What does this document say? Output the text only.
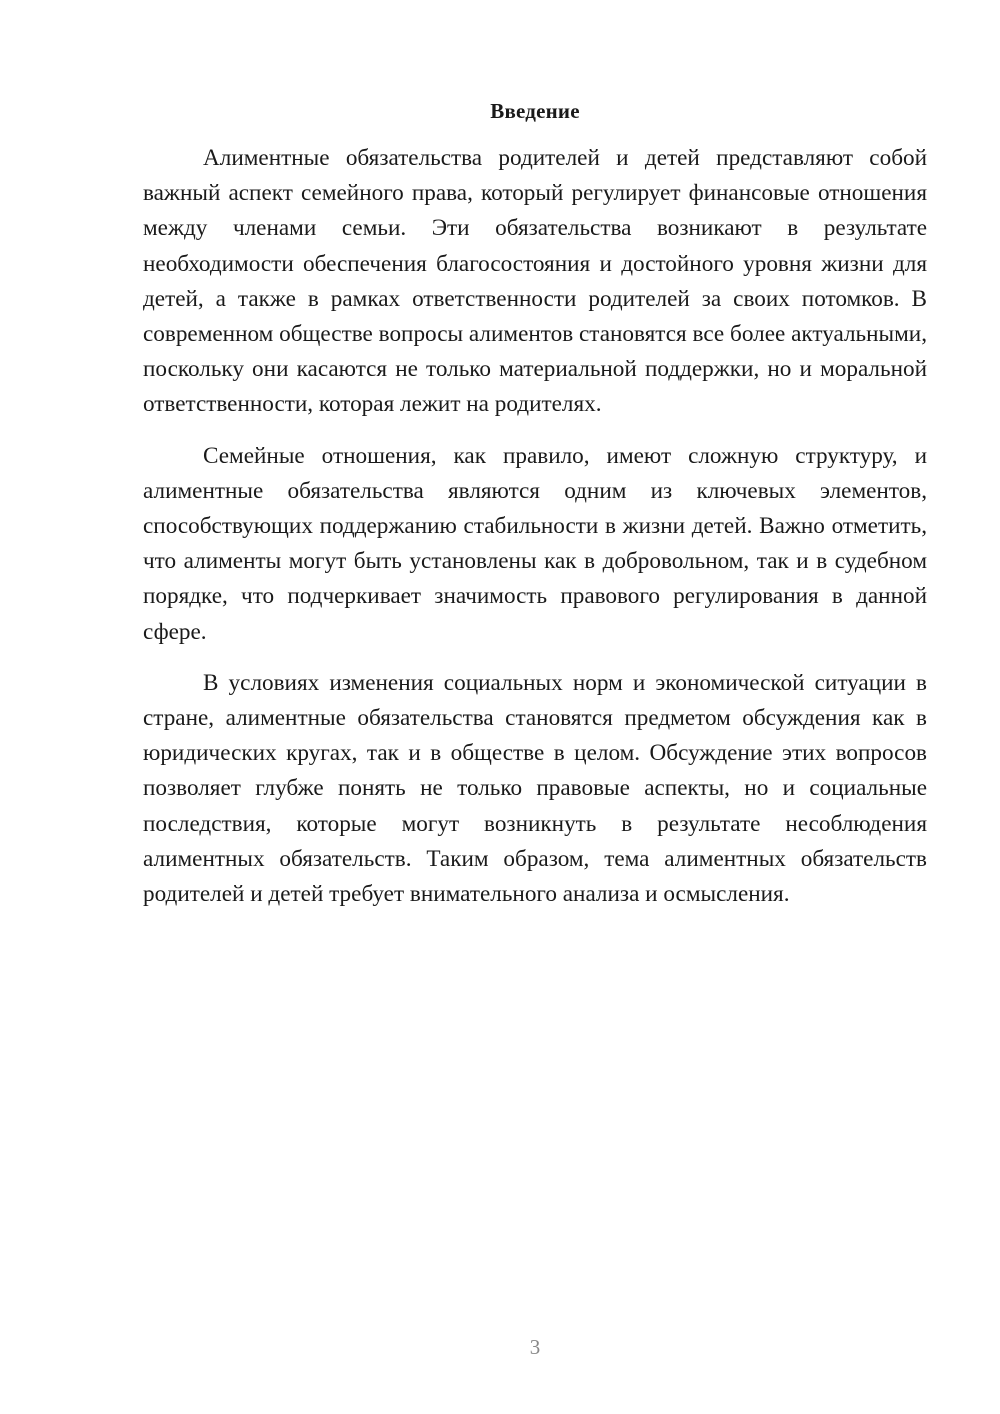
Введение

Алиментные обязательства родителей и детей представляют собой важный аспект семейного права, который регулирует финансовые отношения между членами семьи. Эти обязательства возникают в результате необходимости обеспечения благосостояния и достойного уровня жизни для детей, а также в рамках ответственности родителей за своих потомков. В современном обществе вопросы алиментов становятся все более актуальными, поскольку они касаются не только материальной поддержки, но и моральной ответственности, которая лежит на родителях.

Семейные отношения, как правило, имеют сложную структуру, и алиментные обязательства являются одним из ключевых элементов, способствующих поддержанию стабильности в жизни детей. Важно отметить, что алименты могут быть установлены как в добровольном, так и в судебном порядке, что подчеркивает значимость правового регулирования в данной сфере.

В условиях изменения социальных норм и экономической ситуации в стране, алиментные обязательства становятся предметом обсуждения как в юридических кругах, так и в обществе в целом. Обсуждение этих вопросов позволяет глубже понять не только правовые аспекты, но и социальные последствия, которые могут возникнуть в результате несоблюдения алиментных обязательств. Таким образом, тема алиментных обязательств родителей и детей требует внимательного анализа и осмысления.

3
